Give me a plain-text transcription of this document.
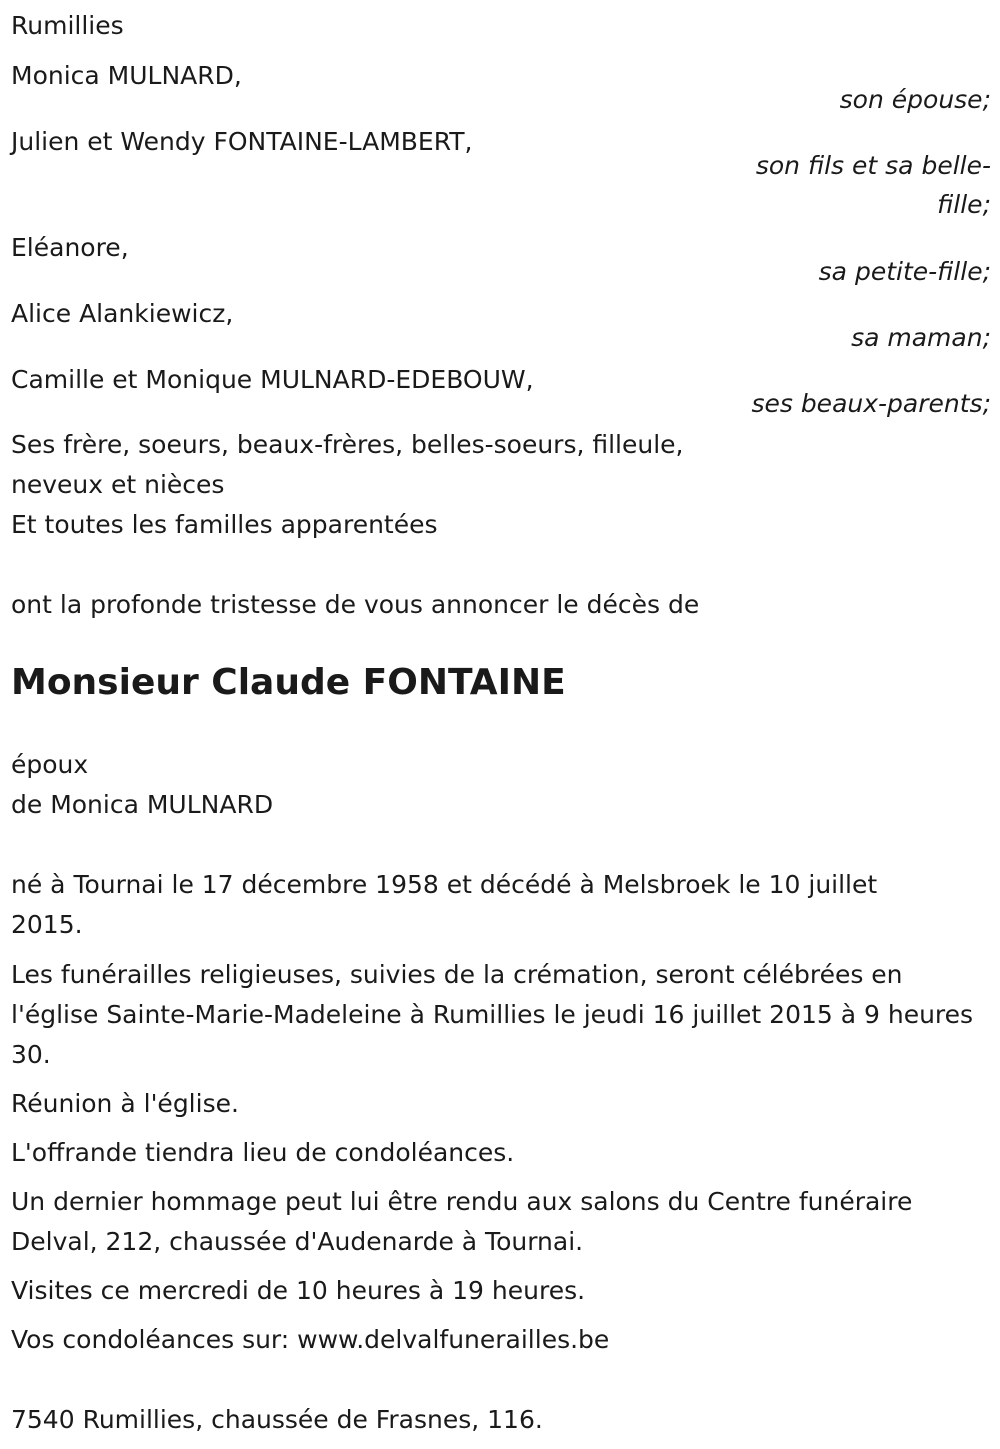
Rumillies
Monica MULNARD,
son épouse;
Julien et Wendy FONTAINE-LAMBERT,
son fils et sa belle-fille;
Eléanore,
sa petite-fille;
Alice Alankiewicz,
sa maman;
Camille et Monique MULNARD-EDEBOUW,
ses beaux-parents;
Ses frère, soeurs, beaux-frères, belles-soeurs, filleule,
neveux et nièces
Et toutes les familles apparentées
ont la profonde tristesse de vous annoncer le décès de
Monsieur Claude FONTAINE
époux
de Monica MULNARD

né à Tournai le 17 décembre 1958 et décédé à Melsbroek le 10 juillet 2015.

Les funérailles religieuses, suivies de la crémation, seront célébrées en l'église Sainte-Marie-Madeleine à Rumillies le jeudi 16 juillet 2015 à 9 heures 30.

Réunion à l'église.

L'offrande tiendra lieu de condoléances.

Un dernier hommage peut lui être rendu aux salons du Centre funéraire Delval, 212, chaussée d'Audenarde à Tournai.

Visites ce mercredi de 10 heures à 19 heures.

Vos condoléances sur: www.delvalfunerailles.be

7540 Rumillies, chaussée de Frasnes, 116.
